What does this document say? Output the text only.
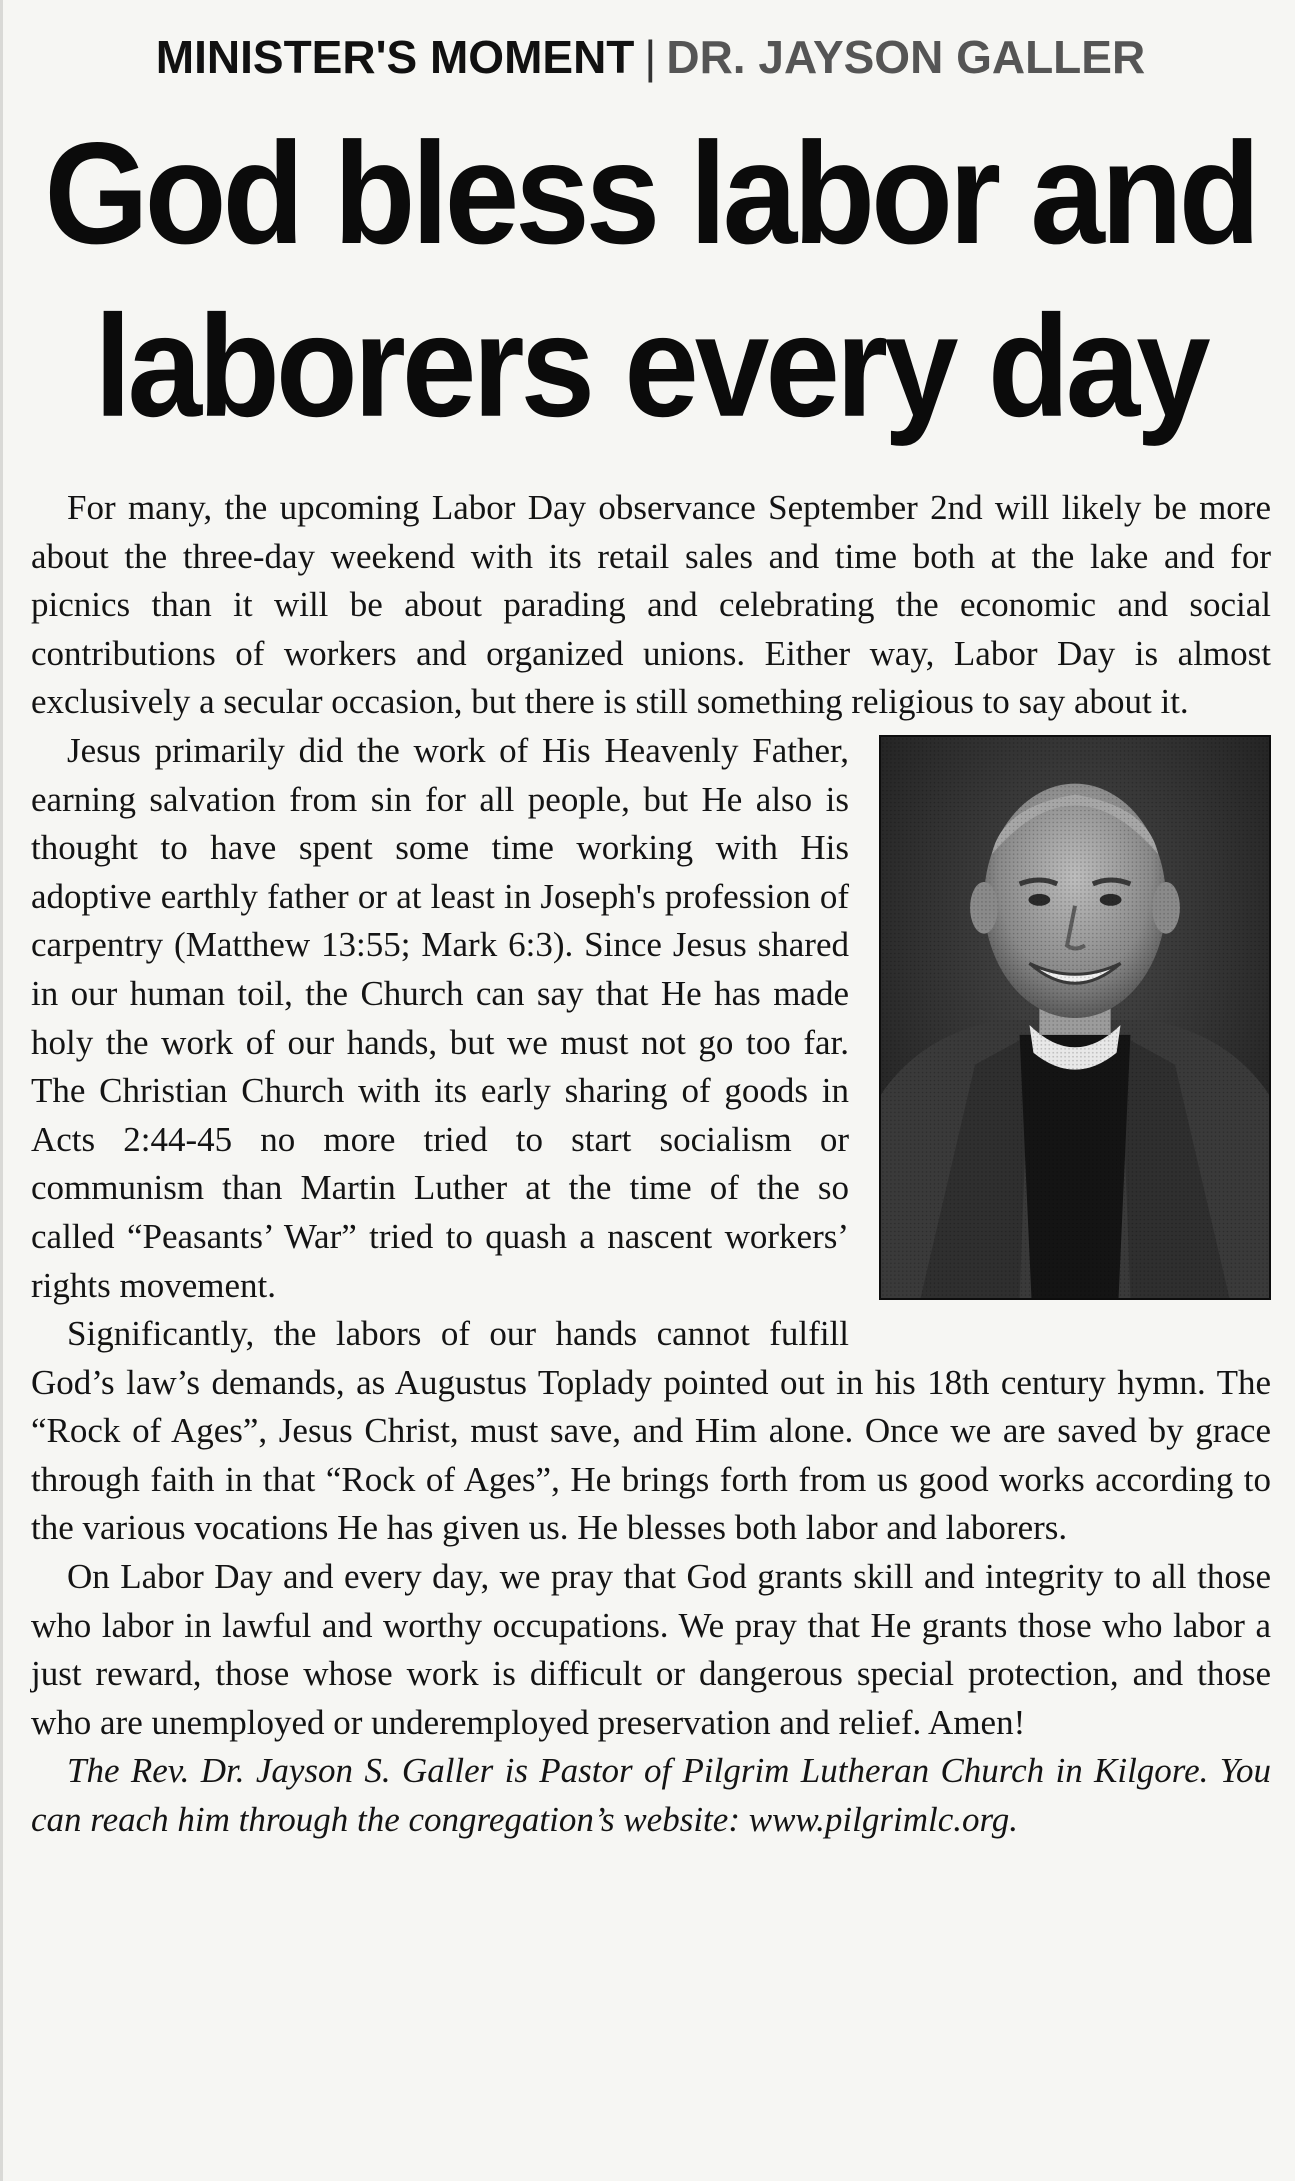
MINISTER'S MOMENT | DR. JAYSON GALLER
God bless labor and laborers every day

For many, the upcoming Labor Day observance September 2nd will likely be more about the three-day weekend with its retail sales and time both at the lake and for picnics than it will be about parading and celebrating the economic and social contributions of workers and organized unions. Either way, Labor Day is almost exclusively a secular occasion, but there is still something religious to say about it.

Jesus primarily did the work of His Heavenly Father, earning salvation from sin for all people, but He also is thought to have spent some time working with His adoptive earthly father or at least in Joseph's profession of carpentry (Matthew 13:55; Mark 6:3). Since Jesus shared in our human toil, the Church can say that He has made holy the work of our hands, but we must not go too far. The Christian Church with its early sharing of goods in Acts 2:44-45 no more tried to start socialism or communism than Martin Luther at the time of the so called “Peasants’ War” tried to quash a nascent workers’ rights movement.

Significantly, the labors of our hands cannot fulfill God’s law’s demands, as Augustus Toplady pointed out in his 18th century hymn. The “Rock of Ages”, Jesus Christ, must save, and Him alone. Once we are saved by grace through faith in that “Rock of Ages”, He brings forth from us good works according to the various vocations He has given us. He blesses both labor and laborers.

On Labor Day and every day, we pray that God grants skill and integrity to all those who labor in lawful and worthy occupations. We pray that He grants those who labor a just reward, those whose work is difficult or dangerous special protection, and those who are unemployed or underemployed preservation and relief. Amen!

The Rev. Dr. Jayson S. Galler is Pastor of Pilgrim Lutheran Church in Kilgore. You can reach him through the congregation’s website: www.pilgrimlc.org.
